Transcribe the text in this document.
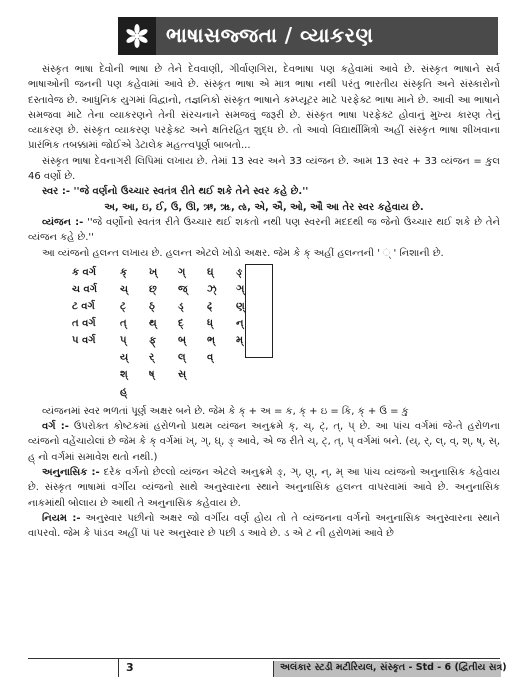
ભાષાસજ્જતા / વ્યાકરણ

સંસ્કૃત ભાષા દેવોની ભાષા છે તેને દેવવાણી, ગીર્વાણગિરા, દેવભાષા પણ કહેવામાં આવે છે. સંસ્કૃત ભાષાને સર્વ ભાષાઓની જનની પણ કહેવામાં આવે છે. સંસ્કૃત ભાષા એ માત્ર ભાષા નથી પરંતુ ભારતીય સંસ્કૃતિ અને સંસ્કારોનો દસ્તાવેજ છે. આધુનિક યુગમાં વિદ્વાનો, તજ્ઞનિકો સંસ્કૃત ભાષાને કમ્પ્યૂટર માટે પરફેક્ટ ભાષા માને છે. આવી આ ભાષાને સમજવા માટે તેના વ્યાકરણને તેની સંરચનાને સમજવું જરૂરી છે. સંસ્કૃત ભાષા પરફેક્ટ હોવાનું મુખ્ય કારણ તેનું વ્યાકરણ છે. સંસ્કૃત વ્યાકરણ પરફેક્ટ અને ક્ષતિરહિત શુદ્ધ છે. તો આવો વિદ્યાર્થીમિત્રો અહીં સંસ્કૃત ભાષા શીખવાના પ્રારંભિક તબક્કામાં જોઈએ ડેટાલેક મહત્ત્વપૂર્ણ બાબતો...

સંસ્કૃત ભાષા દેવનાગરી લિપિમાં લખાય છે. તેમાં 13 સ્વર અને 33 વ્યંજન છે. આમ 13 સ્વર + 33 વ્યંજન = કુલ 46 વર્ણો છે.

સ્વર :- ''જે વર્ણનો ઉચ્ચાર સ્વતંત્ર રીતે થઈ શકે તેને સ્વર કહે છે.''

અ, આ, ઇ, ઈ, ઉ, ઊ, ઋ, ૠ, ઌ, એ, ઐ, ઓ, ઔ આ તેર સ્વર કહેવાય છે.

વ્યંજન :- ''જે વર્ણોનો સ્વતંત્ર રીતે ઉચ્ચાર થઈ શકતો નથી પણ સ્વરની મદદથી જ જેનો ઉચ્ચાર થઈ શકે છે તેને વ્યંજન કહે છે.''

આ વ્યંજનો હલન્ત લખાય છે. હલન્ત એટલે ખોડો અક્ષર. જેમ કે ક્ અહીં હલન્તની ' ્ ' નિશાની છે.

ક વર્ગ	ક્	ખ્	ગ્	ઘ્	ઙ્
ચ વર્ગ	ચ્	છ્	જ્	ઝ્	ઞ્
ટ વર્ગ	ટ્	ઠ્	ડ્	ઢ્	ણ્
ત વર્ગ	ત્	થ્	દ્	ધ્	ન્
પ વર્ગ	પ્	ફ્	બ્	ભ્	મ્
	ય્	ર્	લ્	વ્	
	શ્	ષ્	સ્		
	હ્				

વ્યંજનમાં સ્વર ભળતાં પૂર્ણ અક્ષર બને છે. જેમ કે ક્ + અ = ક, ક્ + ઇ = કિ, ક્ + ઉ = કુ

વર્ગ :- ઉપરોક્ત કોષ્ટકમાં હરોળનો પ્રથમ વ્યંજન અનુક્રમે ક્, ચ્, ટ્, ત્, પ્ છે. આ પાંચ વર્ગમાં જે-તે હરોળના વ્યંજનો વહેંચાયેલાં છે જેમ કે ક્ વર્ગમાં ખ્, ગ્, ઘ્, ઙ્ આવે, એ જ રીતે ચ્, ટ્, ત્, પ્ વર્ગમાં બને. (ય્, ર્, લ્, વ્, શ્, ષ્, સ્, હ્ નો વર્ગમાં સમાવેશ થતો નથી.)

અનુનાસિક :- દરેક વર્ગનો છેલ્લો વ્યંજન એટલે અનુક્રમે ઙ્, ઞ્, ણ્, ન્, મ્ આ પાંચ વ્યંજનો અનુનાસિક કહેવાય છે. સંસ્કૃત ભાષામાં વર્ગીય વ્યંજનો સાથે અનુસ્વારના સ્થાને અનુનાસિક હલન્ત વાપરવામાં આવે છે. અનુનાસિક નાકમાંથી બોલાય છે આથી તે અનુનાસિક કહેવાય છે.

નિયમ :- અનુસ્વાર પછીનો અક્ષર જો વર્ગીય વર્ણ હોય તો તે વ્યંજનના વર્ગનો અનુનાસિક અનુસ્વારના સ્થાને વાપરવો. જેમ કે પાંડવ અહીં પાં પર અનુસ્વાર છે પછી ડ આવે છે. ડ એ ટ ની હરોળમાં આવે છે

3	અલંકાર સ્ટડી મટીરિયલ, સંસ્કૃત - Std - 6 (દ્વિતીય સત્ર)
